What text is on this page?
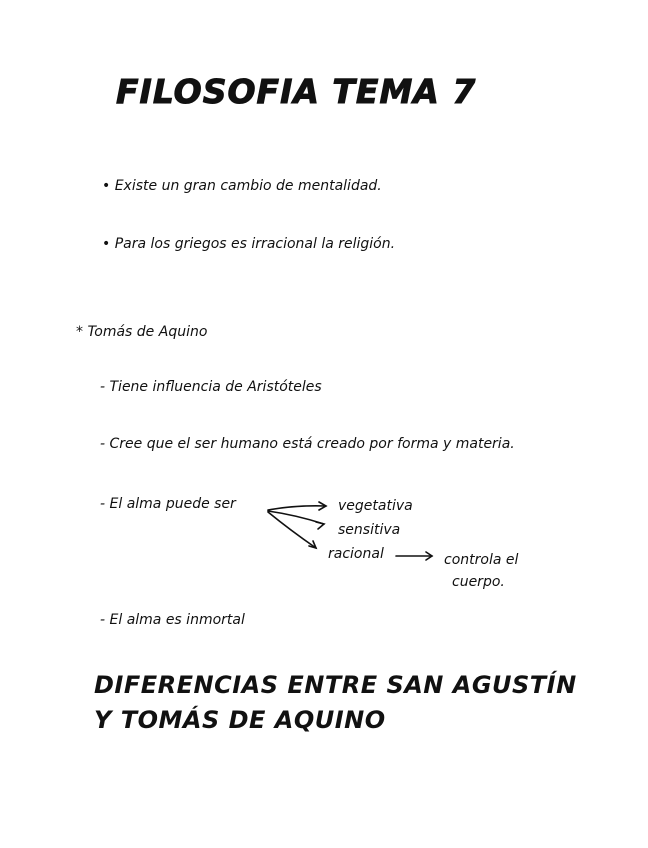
FILOSOFIA TEMA 7
• Existe un gran cambio de mentalidad.
• Para los griegos es irracional la religión.
* Tomás de Aquino
- Tiene influencia de Aristóteles
- Cree que el ser humano está creado por forma y materia.
- El alma puede ser	vegetativa
sensitiva
racional	controla el
cuerpo.
- El alma es inmortal
DIFERENCIAS ENTRE SAN AGUSTÍN
Y TOMÁS DE AQUINO
